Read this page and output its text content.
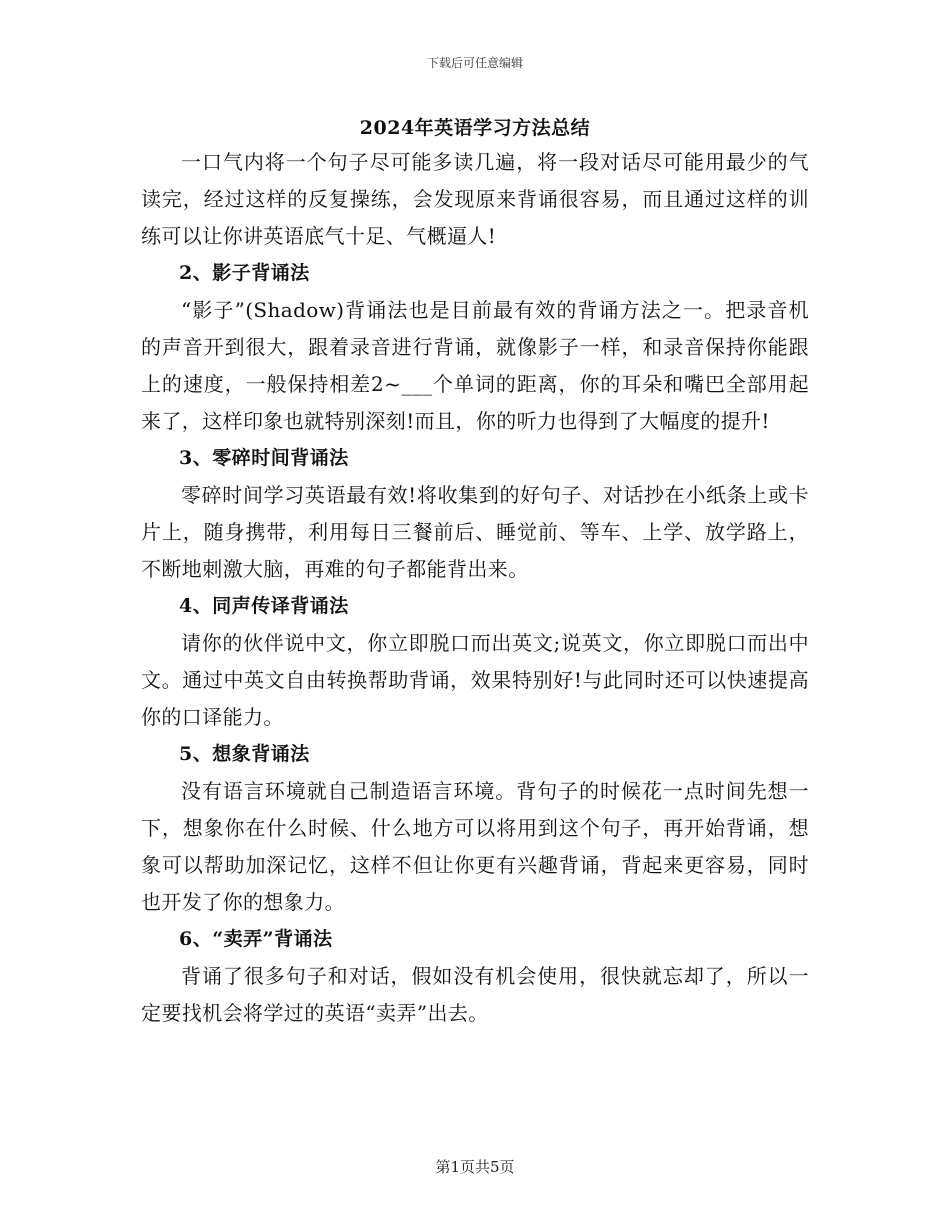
下载后可任意编辑
2024年英语学习方法总结

一口气内将一个句子尽可能多读几遍，将一段对话尽可能用最少的气读完，经过这样的反复操练，会发现原来背诵很容易，而且通过这样的训练可以让你讲英语底气十足、气概逼人!

2、影子背诵法

“影子”(Shadow)背诵法也是目前最有效的背诵方法之一。把录音机的声音开到很大，跟着录音进行背诵，就像影子一样，和录音保持你能跟上的速度，一般保持相差2~___个单词的距离，你的耳朵和嘴巴全部用起来了，这样印象也就特别深刻!而且，你的听力也得到了大幅度的提升!

3、零碎时间背诵法

零碎时间学习英语最有效!将收集到的好句子、对话抄在小纸条上或卡片上，随身携带，利用每日三餐前后、睡觉前、等车、上学、放学路上，不断地刺激大脑，再难的句子都能背出来。

4、同声传译背诵法

请你的伙伴说中文，你立即脱口而出英文;说英文，你立即脱口而出中文。通过中英文自由转换帮助背诵，效果特别好!与此同时还可以快速提高你的口译能力。

5、想象背诵法

没有语言环境就自己制造语言环境。背句子的时候花一点时间先想一下，想象你在什么时候、什么地方可以将用到这个句子，再开始背诵，想象可以帮助加深记忆，这样不但让你更有兴趣背诵，背起来更容易，同时也开发了你的想象力。

6、“卖弄”背诵法

背诵了很多句子和对话，假如没有机会使用，很快就忘却了，所以一定要找机会将学过的英语“卖弄”出去。

第1页共5页
